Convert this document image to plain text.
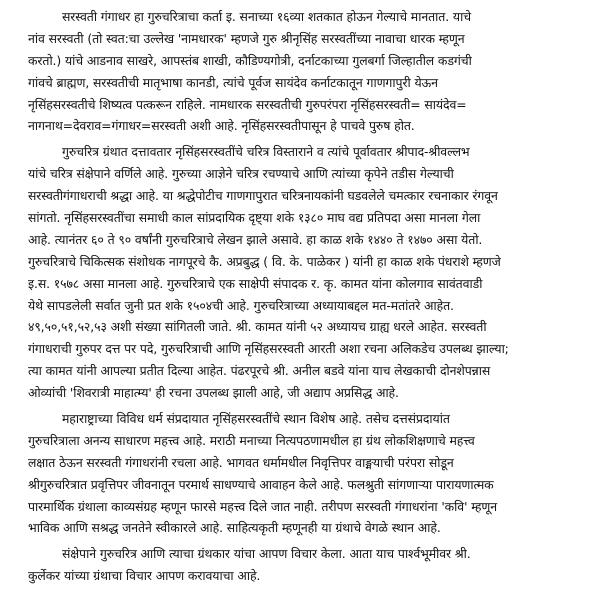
सरस्वती गंगाधर हा गुरुचरित्राचा कर्ता इ. सनाच्या १६व्या शतकात होऊन गेल्याचे मानतात. याचे
नांव सरस्वती (तो स्वत:चा उल्लेख 'नामधारक' म्हणजे गुरु श्रीनृसिंह सरस्वतींच्या नावाचा धारक म्हणून
करतो.) यांचे आडनाव साखरे, आपस्तंब शाखी, कौडिण्यगोत्री, दर्नाटकाच्या गुलबर्गा जिल्हातील कडगंची
गांवचे ब्राह्मण, सरस्वतीची मातृभाषा कानडी, त्यांचे पूर्वज सायंदेव कर्नाटकातून गाणगापुरी येऊन
नृसिंहसरस्वतीचे शिष्यत्व पत्करून राहिले. नामधारक सरस्वतीची गुरुपरंपरा नृसिंहसरस्वती= सायंदेव=
नागनाथ=देवराव=गंगाधर=सरस्वती अशी आहे. नृसिंहसरस्वतीपासून हे पाचवे पुरुष होत.
गुरुचरित्र ग्रंथात दत्तावतार नृसिंहसरस्वतींचे चरित्र विस्ताराने व त्यांचे पूर्वावतार श्रीपाद-श्रीवल्लभ
यांचे चरित्र संक्षेपाने वर्णिले आहे. गुरुच्या आज्ञेने चरित्र रचण्याचे आणि त्यांच्या कृपेने तडीस गेल्याची
सरस्वतीगंगाधराची श्रद्धा आहे. या श्रद्धेपोटीच गाणगापुरात चरित्रनायकांनी घडवलेले चमत्कार रचनाकार रंगवून
सांगतो. नृसिंहसरस्वतींचा समाधी काल सांप्रदायिक दृष्ट्या शके १३८० माघ वद्य प्रतिपदा असा मानला गेला
आहे. त्यानंतर ६० ते ९० वर्षांनी गुरुचरित्राचे लेखन झाले असावे. हा काळ शके १४४० ते १४७० असा येतो.
गुरुचरित्राचे चिकित्सक संशोधक नागपूरचे कै. अप्रबुद्ध ( वि. के. पाळेकर ) यांनी हा काळ शके पंधराशे म्हणजे
इ.स. १५७८ असा मानला आहे. गुरुचरित्राचे एक साक्षेपी संपादक र. कृ. कामत यांना कोलगाव सावंतवाडी
येथे सापडलेली सर्वात जुनी प्रत शके १५०४ची आहे. गुरुचरित्राच्या अध्यायाबद्दल मत-मतांतरे आहेत.
४९,५०,५१,५२,५३ अशी संख्या सांगितली जाते. श्री. कामत यांनी ५२ अध्यायच ग्राह्य धरले आहेत. सरस्वती
गंगाधराची गुरुपर दत्त पर पदे, गुरुचरित्राची आणि नृसिंहसरस्वती आरती अशा रचना अलिकडेच उपलब्ध झाल्या;
त्या कामत यांनी आपल्या प्रतीत दिल्या आहेत. पंढरपूरचे श्री. अनील बडवे यांना याच लेखकाची दोनशेपन्नास
ओव्यांची 'शिवरात्री माहात्म्य' ही रचना उपलब्ध झाली आहे, जी अद्याप अप्रसिद्ध आहे.
महाराष्ट्राच्या विविध धर्म संप्रदायात नृसिंहसरस्वतींचे स्थान विशेष आहे. तसेच दत्तसंप्रदायांत
गुरुचरित्राला अनन्य साधारण महत्त्व आहे. मराठी मनाच्या नित्यपठणामधील हा ग्रंथ लोकशिक्षणाचे महत्त्व
लक्षात ठेऊन सरस्वती गंगाधरांनी रचला आहे. भागवत धर्मामधील निवृत्तिपर वाङ्मयाची परंपरा सोडून
श्रीगुरुचरित्रात प्रवृत्तिपर जीवनातून परमार्थ साधण्याचे आवाहन केले आहे. फलश्रुती सांगणाऱ्या पारायणात्मक
पारमार्थिक ग्रंथाला काव्यसंग्रह म्हणून फारसे महत्त्व दिले जात नाही. तरीपण सरस्वती गंगाधरांना 'कवि' म्हणून
भाविक आणि सश्रद्ध जनतेने स्वीकारले आहे. साहित्यकृती म्हणूनही या ग्रंथाचे वेगळे स्थान आहे.
संक्षेपाने गुरुचरित्र आणि त्याचा ग्रंथकार यांचा आपण विचार केला. आता याच पार्श्वभूमीवर श्री.
कुर्लेकर यांच्या ग्रंथाचा विचार आपण करावयाचा आहे.
